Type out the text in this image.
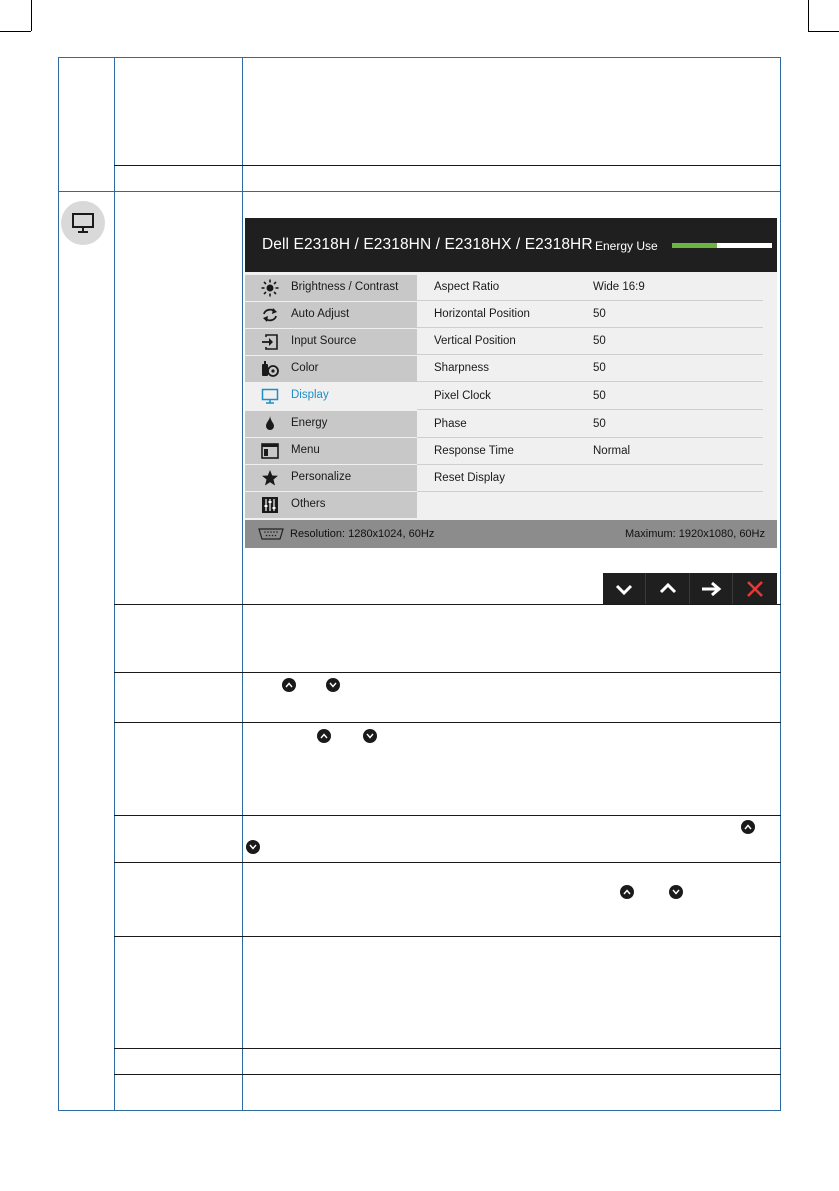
Dell E2318H / E2318HN / E2318HX / E2318HR Energy Use
Brightness / Contrast
Auto Adjust
Input Source
Color
Display
Energy
Menu
Personalize
Others
Aspect Ratio	Wide 16:9
Horizontal Position	50
Vertical Position	50
Sharpness	50
Pixel Clock	50
Phase	50
Response Time	Normal
Reset Display
Resolution: 1280x1024, 60Hz	Maximum: 1920x1080, 60Hz
